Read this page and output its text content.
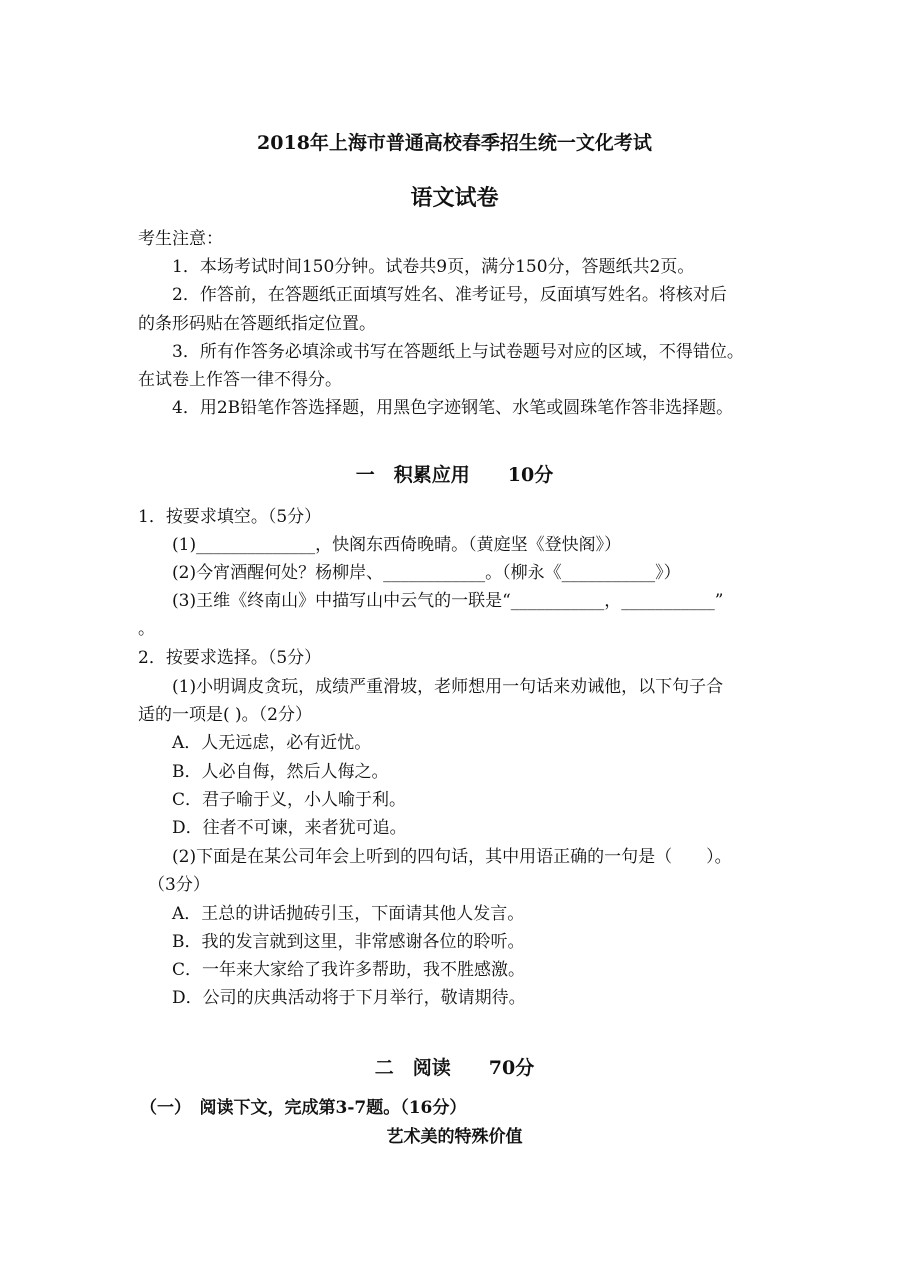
2018年上海市普通高校春季招生统一文化考试
语文试卷
考生注意：
1．本场考试时间150分钟。试卷共9页，满分150分，答题纸共2页。
2．作答前，在答题纸正面填写姓名、准考证号，反面填写姓名。将核对后
的条形码贴在答题纸指定位置。
3．所有作答务必填涂或书写在答题纸上与试卷题号对应的区域，不得错位。
在试卷上作答一律不得分。
4．用2B铅笔作答选择题，用黑色字迹钢笔、水笔或圆珠笔作答非选择题。
一　积累应用　　10分
1．按要求填空。（5分）
(1)______________，快阁东西倚晚晴。（黄庭坚《登快阁》）
(2)今宵酒醒何处？杨柳岸、____________。（柳永《___________》）
(3)王维《终南山》中描写山中云气的一联是“___________，___________”
。
2．按要求选择。（5分）
(1)小明调皮贪玩，成绩严重滑坡，老师想用一句话来劝诫他，以下句子合
适的一项是( )。（2分）
A．人无远虑，必有近忧。
B．人必自侮，然后人侮之。
C．君子喻于义，小人喻于利。
D．往者不可谏，来者犹可追。
(2)下面是在某公司年会上听到的四句话，其中用语正确的一句是（　　）。
（3分）
A．王总的讲话抛砖引玉，下面请其他人发言。
B．我的发言就到这里，非常感谢各位的聆听。
C．一年来大家给了我许多帮助，我不胜感激。
D．公司的庆典活动将于下月举行，敬请期待。
二　阅读　　70分
（一）　阅读下文，完成第3-7题。（16分）
艺术美的特殊价值
